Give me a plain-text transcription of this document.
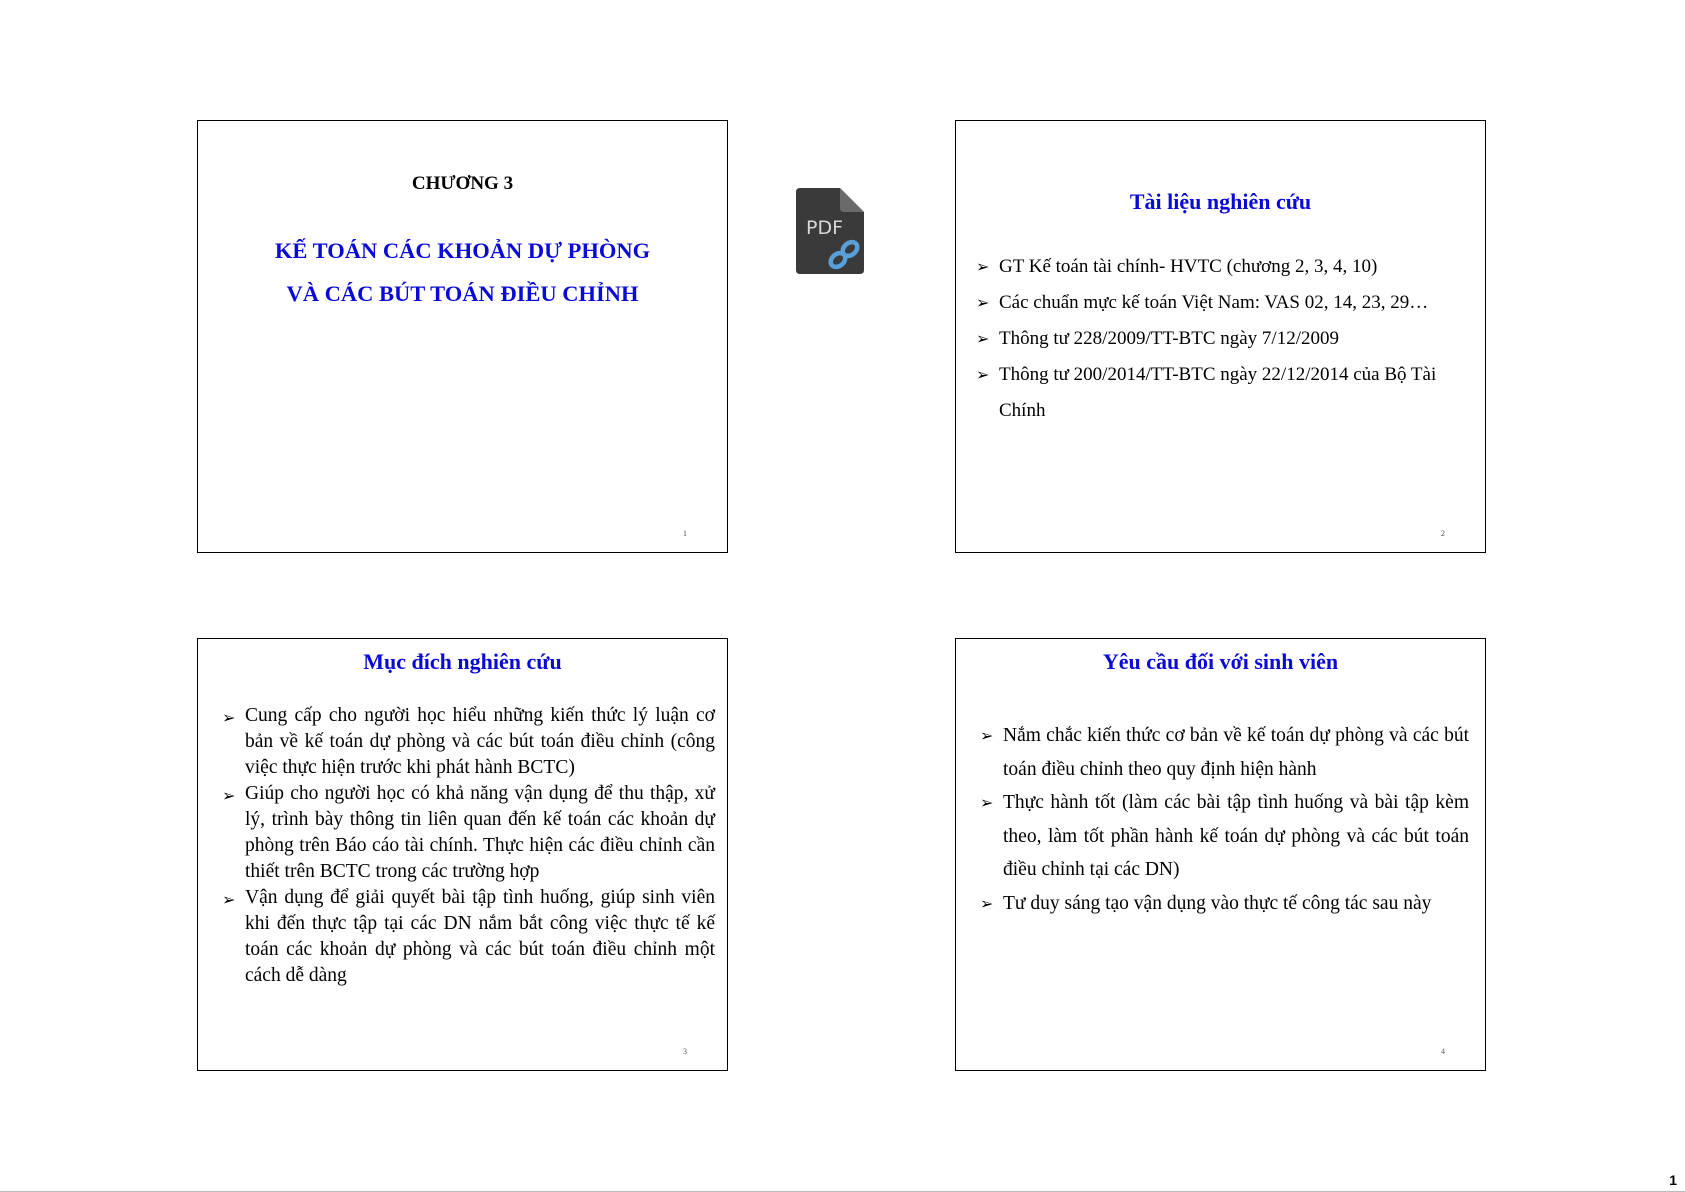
CHƯƠNG 3
KẾ TOÁN CÁC KHOẢN DỰ PHÒNG
VÀ CÁC BÚT TOÁN ĐIỀU CHỈNH
1
PDF
Tài liệu nghiên cứu
➢ GT Kế toán tài chính- HVTC (chương 2, 3, 4, 10)
➢ Các chuẩn mực kế toán Việt Nam: VAS 02, 14, 23, 29…
➢ Thông tư 228/2009/TT-BTC ngày 7/12/2009
➢ Thông tư 200/2014/TT-BTC ngày 22/12/2014 của Bộ Tài Chính
2
Mục đích nghiên cứu
➢ Cung cấp cho người học hiểu những kiến thức lý luận cơ bản về kế toán dự phòng và các bút toán điều chỉnh (công việc thực hiện trước khi phát hành BCTC)
➢ Giúp cho người học có khả năng vận dụng để thu thập, xử lý, trình bày thông tin liên quan đến kế toán các khoản dự phòng trên Báo cáo tài chính. Thực hiện các điều chỉnh cần thiết trên BCTC trong các trường hợp
➢ Vận dụng để giải quyết bài tập tình huống, giúp sinh viên khi đến thực tập tại các DN nắm bắt công việc thực tế kế toán các khoản dự phòng và các bút toán điều chỉnh một cách dễ dàng
3
Yêu cầu đối với sinh viên
➢ Nắm chắc kiến thức cơ bản về kế toán dự phòng và các bút toán điều chỉnh theo quy định hiện hành
➢ Thực hành tốt (làm các bài tập tình huống và bài tập kèm theo, làm tốt phần hành kế toán dự phòng và các bút toán điều chỉnh tại các DN)
➢ Tư duy sáng tạo vận dụng vào thực tế công tác sau này
4
1
